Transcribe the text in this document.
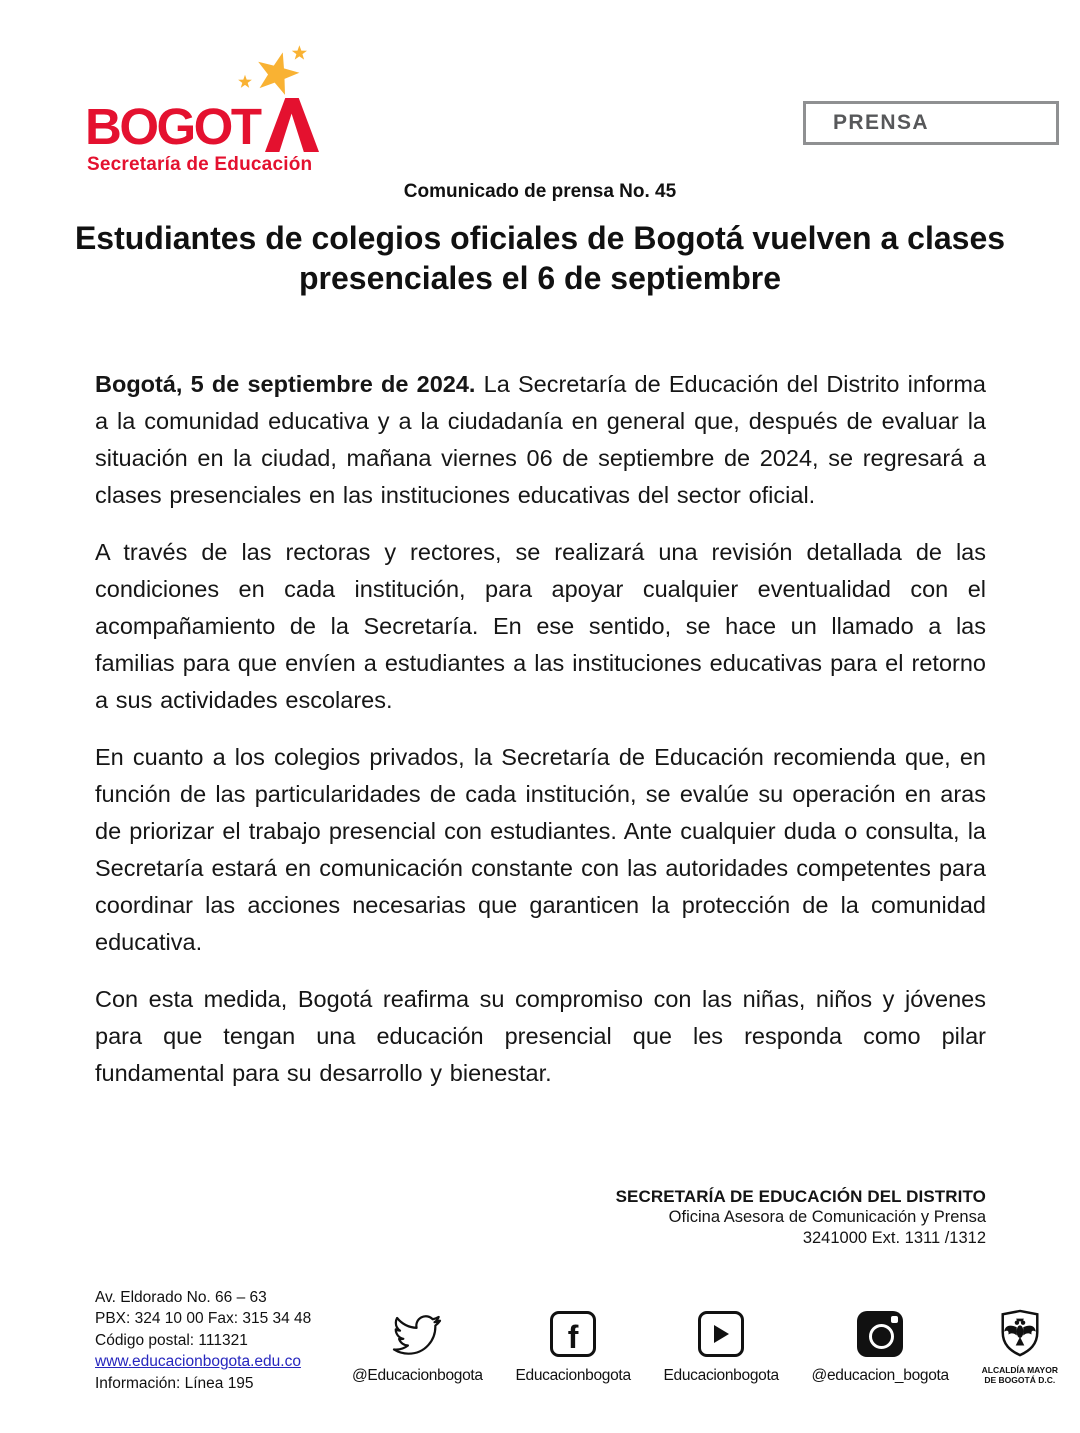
BOGOT
Secretaría de Educación
PRENSA
Comunicado de prensa No. 45
Estudiantes de colegios oficiales de Bogotá vuelven a clases presenciales el 6 de septiembre

Bogotá, 5 de septiembre de 2024. La Secretaría de Educación del Distrito informa a la comunidad educativa y a la ciudadanía en general que, después de evaluar la situación en la ciudad, mañana viernes 06 de septiembre de 2024, se regresará a clases presenciales en las instituciones educativas del sector oficial.

A través de las rectoras y rectores, se realizará una revisión detallada de las condiciones en cada institución, para apoyar cualquier eventualidad con el acompañamiento de la Secretaría. En ese sentido, se hace un llamado a las familias para que envíen a estudiantes a las instituciones educativas para el retorno a sus actividades escolares.

En cuanto a los colegios privados, la Secretaría de Educación recomienda que, en función de las particularidades de cada institución, se evalúe su operación en aras de priorizar el trabajo presencial con estudiantes. Ante cualquier duda o consulta, la Secretaría estará en comunicación constante con las autoridades competentes para coordinar las acciones necesarias que garanticen la protección de la comunidad educativa.

Con esta medida, Bogotá reafirma su compromiso con las niñas, niños y jóvenes para que tengan una educación presencial que les responda como pilar fundamental para su desarrollo y bienestar.

SECRETARÍA DE EDUCACIÓN DEL DISTRITO
Oficina Asesora de Comunicación y Prensa
3241000 Ext. 1311 /1312
Av. Eldorado No. 66 – 63
PBX: 324 10 00 Fax: 315 34 48
Código postal: 111321
www.educacionbogota.edu.co
Información: Línea 195	@Educacionbogota
f
Educacionbogota Educacionbogota @educacion_bogota	ALCALDÍA MAYOR
DE BOGOTÁ D.C.
